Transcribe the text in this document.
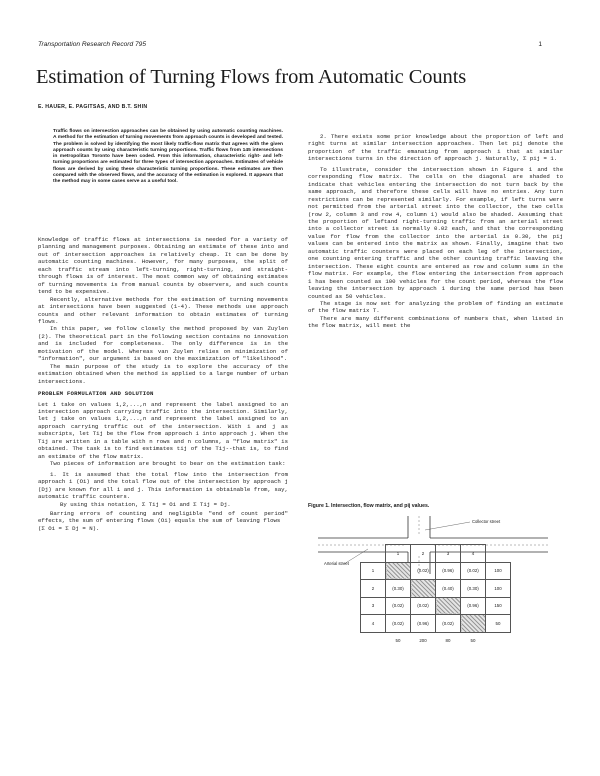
Transportation Research Record 795	1
Estimation of Turning Flows from Automatic Counts
E. HAUER, E. PAGITSAS, AND B.T. SHIN
Traffic flows on intersection approaches can be obtained by using automatic counting machines. A method for the estimation of turning movements from approach counts is developed and tested. The problem is solved by identifying the most likely traffic-flow matrix that agrees with the given approach counts by using characteristic turning proportions. Traffic flows from 145 intersections in metropolitan Toronto have been coded. From this information, characteristic right- and left-turning proportions are estimated for three types of intersection approaches. Estimates of vehicle flows are derived by using these characteristic turning proportions. These estimates are then compared with the observed flows, and the accuracy of the estimation is explored. It appears that the method may in some cases serve as a useful tool.

Knowledge of traffic flows at intersections is needed for a variety of planning and management purposes. Obtaining an estimate of these into and out of intersection approaches is relatively cheap. It can be done by automatic counting machines. However, for many purposes, the split of each traffic stream into left-turning, right-turning, and straight-through flows is of interest. The most common way of obtaining estimates of turning movements is from manual counts by observers, and such counts tend to be expensive.

Recently, alternative methods for the estimation of turning movements at intersections have been suggested (1-4). These methods use approach counts and other relevant information to obtain estimates of turning flows.

In this paper, we follow closely the method proposed by van Zuylen (2). The theoretical part in the following section contains no innovation and is included for completeness. The only difference is in the motivation of the model. Whereas van Zuylen relies on minimization of "information", our argument is based on the maximization of "likelihood".

The main purpose of the study is to explore the accuracy of the estimation obtained when the method is applied to a large number of urban intersections.

PROBLEM FORMULATION AND SOLUTION

Let i take on values 1,2,...,n and represent the label assigned to an intersection approach carrying traffic into the intersection. Similarly, let j take on values 1,2,...,n and represent the label assigned to an approach carrying traffic out of the intersection. With i and j as subscripts, let Tij be the flow from approach i into approach j. When the Tij are written in a table with n rows and n columns, a "flow matrix" is obtained. The task is to find estimates tij of the Tij--that is, to find an estimate of the flow matrix.

Two pieces of information are brought to bear on the estimation task:

1. It is assumed that the total flow into the intersection from approach i (Oi) and the total flow out of the intersection by approach j (Dj) are known for all i and j. This information is obtainable from, say, automatic traffic counters.

By using this notation, Σ Tij = Oi and Σ Tij = Dj.

Barring errors of counting and negligible "end of count period" effects, the sum of entering flows (Oi) equals the sum of leaving flows

(Σ Oi = Σ Dj = N).

2. There exists some prior knowledge about the proportion of left and right turns at similar intersection approaches. Then let pij denote the proportion of the traffic emanating from approach i that at similar intersections turns in the direction of approach j. Naturally, Σ pij = 1.

To illustrate, consider the intersection shown in Figure 1 and the corresponding flow matrix. The cells on the diagonal are shaded to indicate that vehicles entering the intersection do not turn back by the same approach, and therefore these cells will have no entries. Any turn restrictions can be represented similarly. For example, if left turns were not permitted from the arterial street into the collector, the two cells (row 2, column 3 and row 4, column 1) would also be shaded. Assuming that the proportion of leftand right-turning traffic from an arterial street into a collector street is normally 0.02 each, and that the corresponding value for flow from the collector into the arterial is 0.30, the pij values can be entered into the matrix as shown. Finally, imagine that two automatic traffic counters were placed on each leg of the intersection, one counting entering traffic and the other counting traffic leaving the intersection. These eight counts are entered as row and column sums in the flow matrix. For example, the flow entering the intersection from approach 1 has been counted as 100 vehicles for the count period, whereas the flow leaving the intersection by approach 1 during the same period has been counted as 50 vehicles.

The stage is now set for analyzing the problem of finding an estimate of the flow matrix T.

There are many different combinations of numbers that, when listed in the flow matrix, will meet the

Figure 1. Intersection, flow matrix, and pij values.
Arterial street
Collector street
	1	2	3	4	
1		(0.02)	(0.96)	(0.02)	100
2	(0.30)		(0.40)	(0.30)	100
3	(0.02)	(0.02)		(0.96)	150
4	(0.02)	(0.96)	(0.02)		50
	50	200	80	50	
